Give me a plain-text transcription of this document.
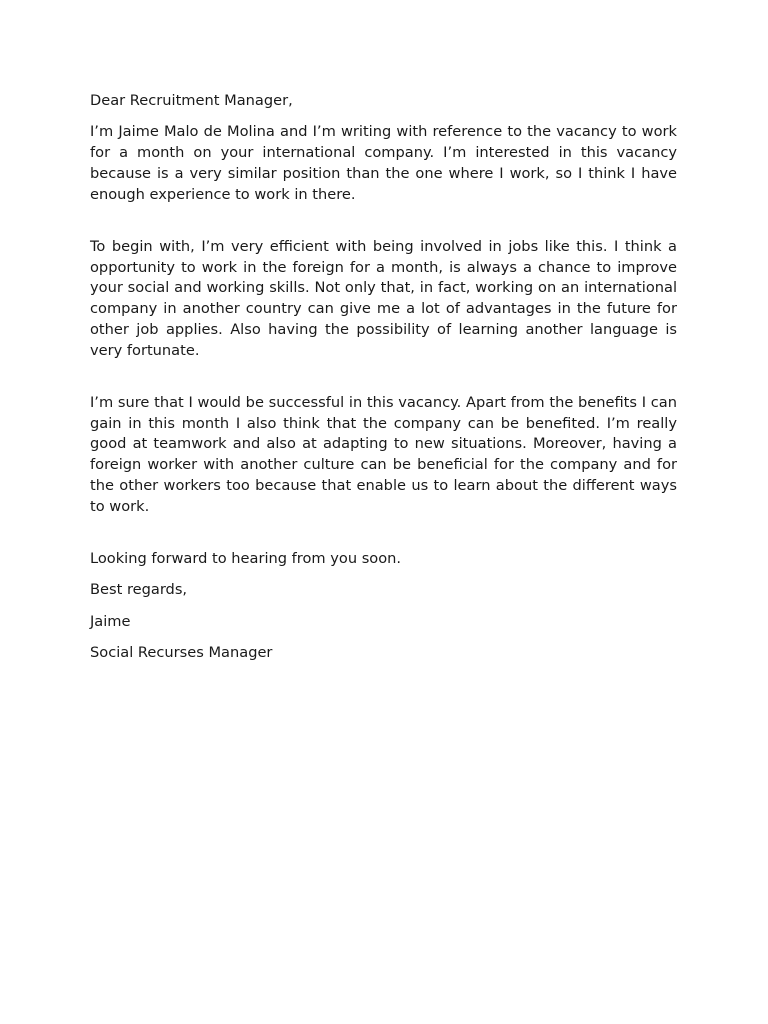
Dear Recruitment Manager,

I’m Jaime Malo de Molina and I’m writing with reference to the vacancy to work for a month on your international company. I’m interested in this vacancy because is a very similar position than the one where I work, so I think I have enough experience to work in there.

To begin with, I’m very efficient with being involved in jobs like this. I think a opportunity to work in the foreign for a month, is always a chance to improve your social and working skills. Not only that, in fact, working on an international company in another country can give me a lot of advantages in the future for other job applies. Also having the possibility of learning another language is very fortunate.

I’m sure that I would be successful in this vacancy. Apart from the benefits I can gain in this month I also think that the company can be benefited. I’m really good at teamwork and also at adapting to new situations. Moreover, having a foreign worker with another culture can be beneficial for the company and for the other workers too because that enable us to learn about the different ways to work.

Looking forward to hearing from you soon.

Best regards,

Jaime

Social Recurses Manager
